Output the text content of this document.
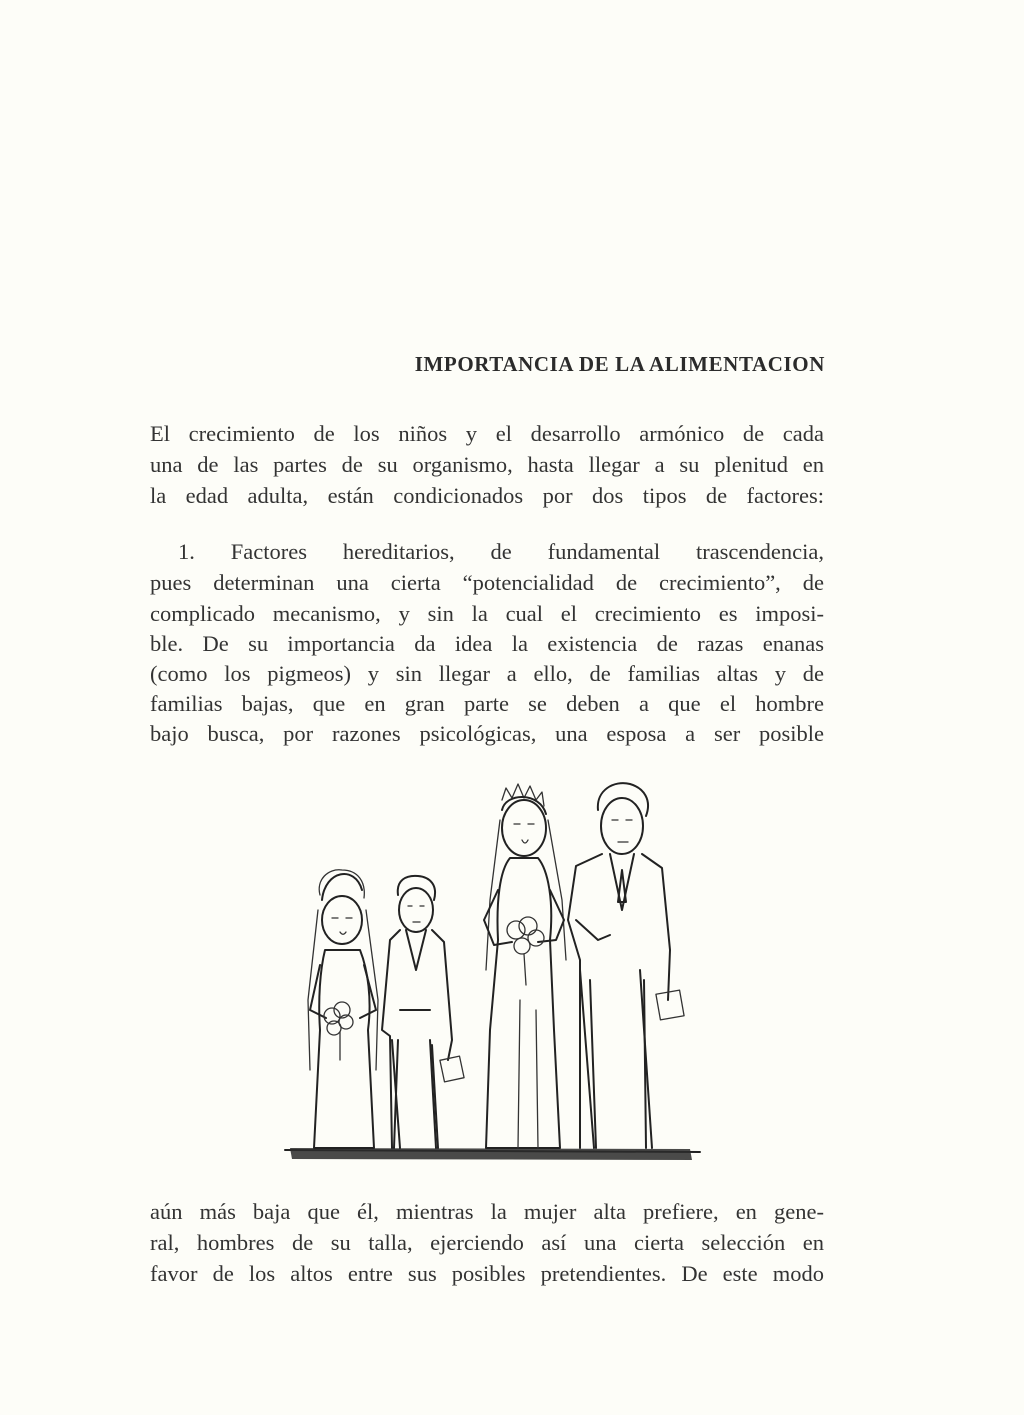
IMPORTANCIA DE LA ALIMENTACION
El crecimiento de los niños y el desarrollo armónico de cada
una de las partes de su organismo, hasta llegar a su plenitud en
la edad adulta, están condicionados por dos tipos de factores:
1. Factores hereditarios, de fundamental trascendencia,
pues determinan una cierta “potencialidad de crecimiento”, de
complicado mecanismo, y sin la cual el crecimiento es imposi-
ble. De su importancia da idea la existencia de razas enanas
(como los pigmeos) y sin llegar a ello, de familias altas y de
familias bajas, que en gran parte se deben a que el hombre
bajo busca, por razones psicológicas, una esposa a ser posible
aún más baja que él, mientras la mujer alta prefiere, en gene-
ral, hombres de su talla, ejerciendo así una cierta selección en
favor de los altos entre sus posibles pretendientes. De este modo
